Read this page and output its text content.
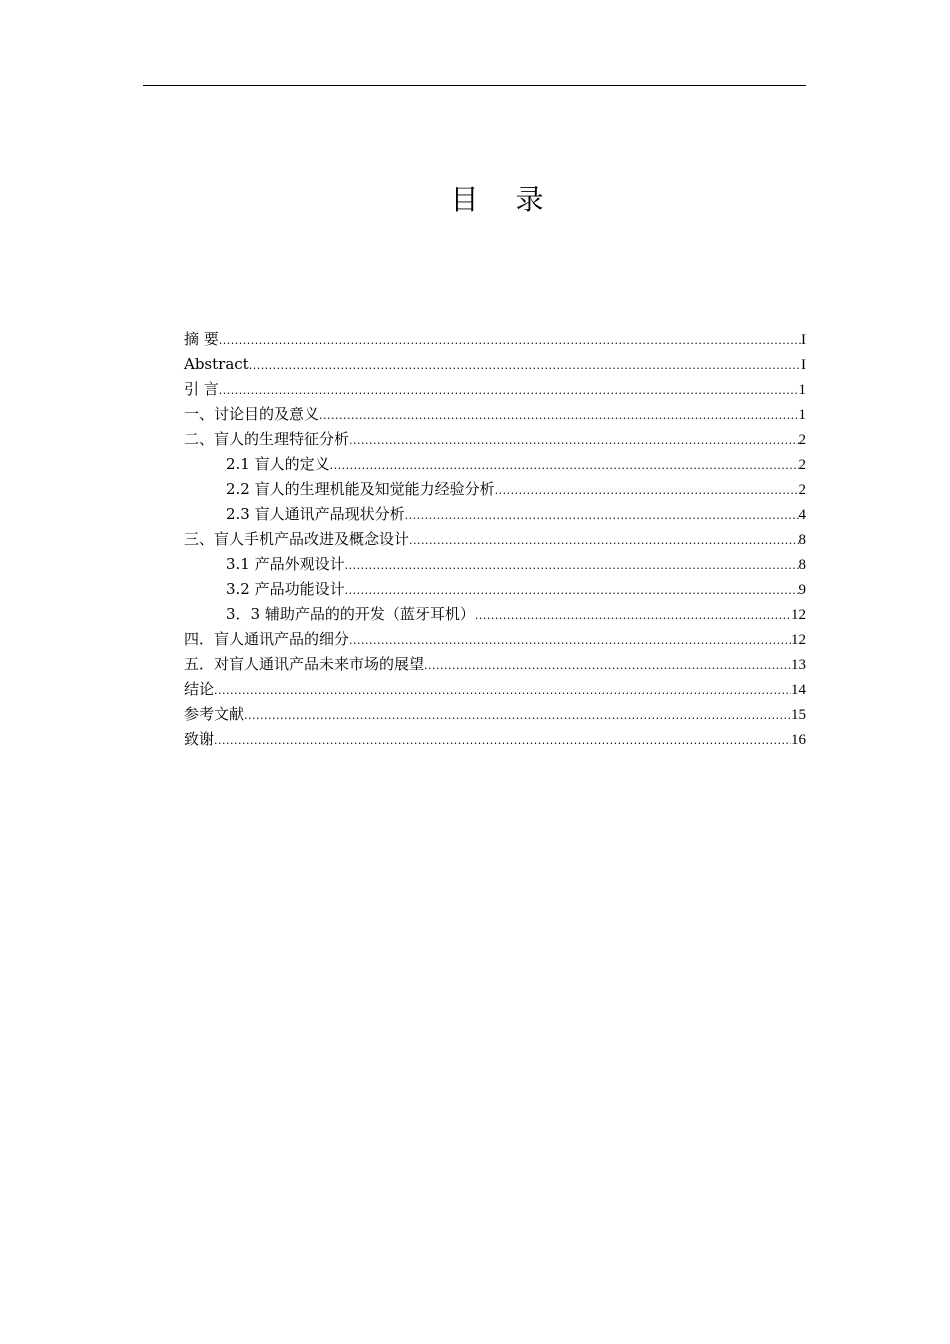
目 录
摘 要 .....	I
Abstract .....	I
引 言 .....	1
一、讨论目的及意义 .....	1
二、盲人的生理特征分析 .....	2
2.1 盲人的定义 .....	2
2.2 盲人的生理机能及知觉能力经验分析 .....	2
2.3 盲人通讯产品现状分析 .....	4
三、盲人手机产品改进及概念设计 .....	8
3.1 产品外观设计 .....	8
3.2 产品功能设计 .....	9
3．3 辅助产品的的开发（蓝牙耳机） .....	12
四．盲人通讯产品的细分 .....	12
五．对盲人通讯产品未来市场的展望 .....	13
结论 .....	14
参考文献 .....	15
致谢 .....	16
